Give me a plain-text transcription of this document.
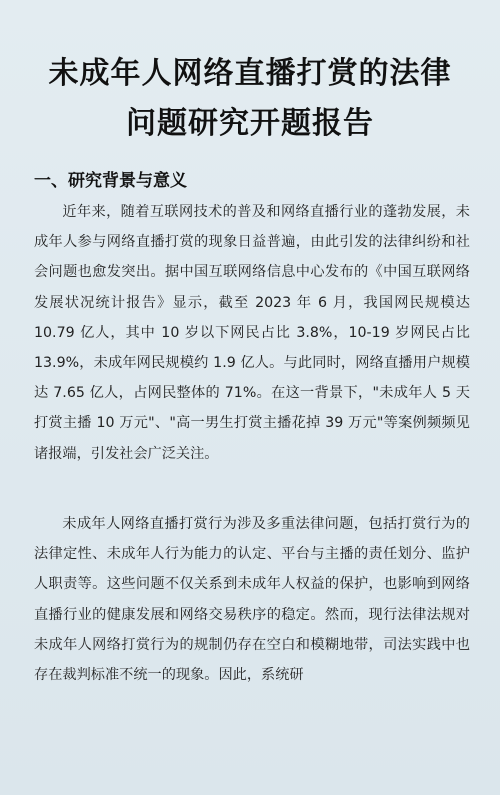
未成年人网络直播打赏的法律
问题研究开题报告
一、研究背景与意义

近年来，随着互联网技术的普及和网络直播行业的蓬勃发展，未成年人参与网络直播打赏的现象日益普遍，由此引发的法律纠纷和社会问题也愈发突出。据中国互联网络信息中心发布的《中国互联网络发展状况统计报告》显示，截至 2023 年 6 月，我国网民规模达 10.79 亿人，其中 10 岁以下网民占比 3.8%，10-19 岁网民占比 13.9%，未成年网民规模约 1.9 亿人。与此同时，网络直播用户规模达 7.65 亿人，占网民整体的 71%。在这一背景下，"未成年人 5 天打赏主播 10 万元"、"高一男生打赏主播花掉 39 万元"等案例频频见诸报端，引发社会广泛关注。

未成年人网络直播打赏行为涉及多重法律问题，包括打赏行为的法律定性、未成年人行为能力的认定、平台与主播的责任划分、监护人职责等。这些问题不仅关系到未成年人权益的保护，也影响到网络直播行业的健康发展和网络交易秩序的稳定。然而，现行法律法规对未成年人网络打赏行为的规制仍存在空白和模糊地带，司法实践中也存在裁判标准不统一的现象。因此，系统研
